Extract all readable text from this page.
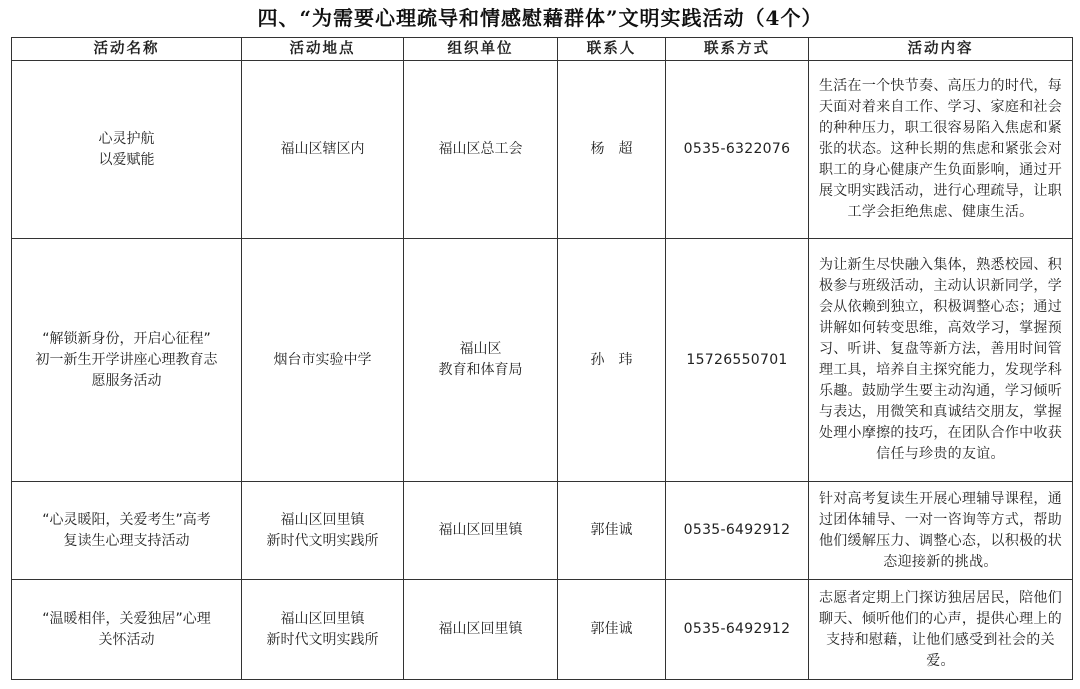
四、“为需要心理疏导和情感慰藉群体”文明实践活动（4个）
活动名称	活动地点	组织单位	联系人	联系方式	活动内容

心灵护航
以爱赋能	福山区辖区内	福山区总工会	杨　超	0535-6322076	生活在一个快节奏、高压力的时代，每天面对着来自工作、学习、家庭和社会的种种压力，职工很容易陷入焦虑和紧张的状态。这种长期的焦虑和紧张会对职工的身心健康产生负面影响，通过开展文明实践活动，进行心理疏导，让职工学会拒绝焦虑、健康生活。

“解锁新身份，开启心征程”
初一新生开学讲座心理教育志
愿服务活动	烟台市实验中学	福山区
教育和体育局	孙　玮	15726550701	为让新生尽快融入集体，熟悉校园、积极参与班级活动，主动认识新同学，学会从依赖到独立，积极调整心态；通过讲解如何转变思维，高效学习，掌握预习、听讲、复盘等新方法，善用时间管理工具，培养自主探究能力，发现学科乐趣。鼓励学生要主动沟通，学习倾听与表达，用微笑和真诚结交朋友，掌握处理小摩擦的技巧，在团队合作中收获信任与珍贵的友谊。

“心灵暖阳，关爱考生”高考
复读生心理支持活动	福山区回里镇
新时代文明实践所	福山区回里镇	郭佳诚	0535-6492912	针对高考复读生开展心理辅导课程，通过团体辅导、一对一咨询等方式，帮助他们缓解压力、调整心态，以积极的状态迎接新的挑战。

“温暖相伴，关爱独居”心理
关怀活动	福山区回里镇
新时代文明实践所	福山区回里镇	郭佳诚	0535-6492912	志愿者定期上门探访独居居民，陪他们聊天、倾听他们的心声，提供心理上的支持和慰藉，让他们感受到社会的关爱。
